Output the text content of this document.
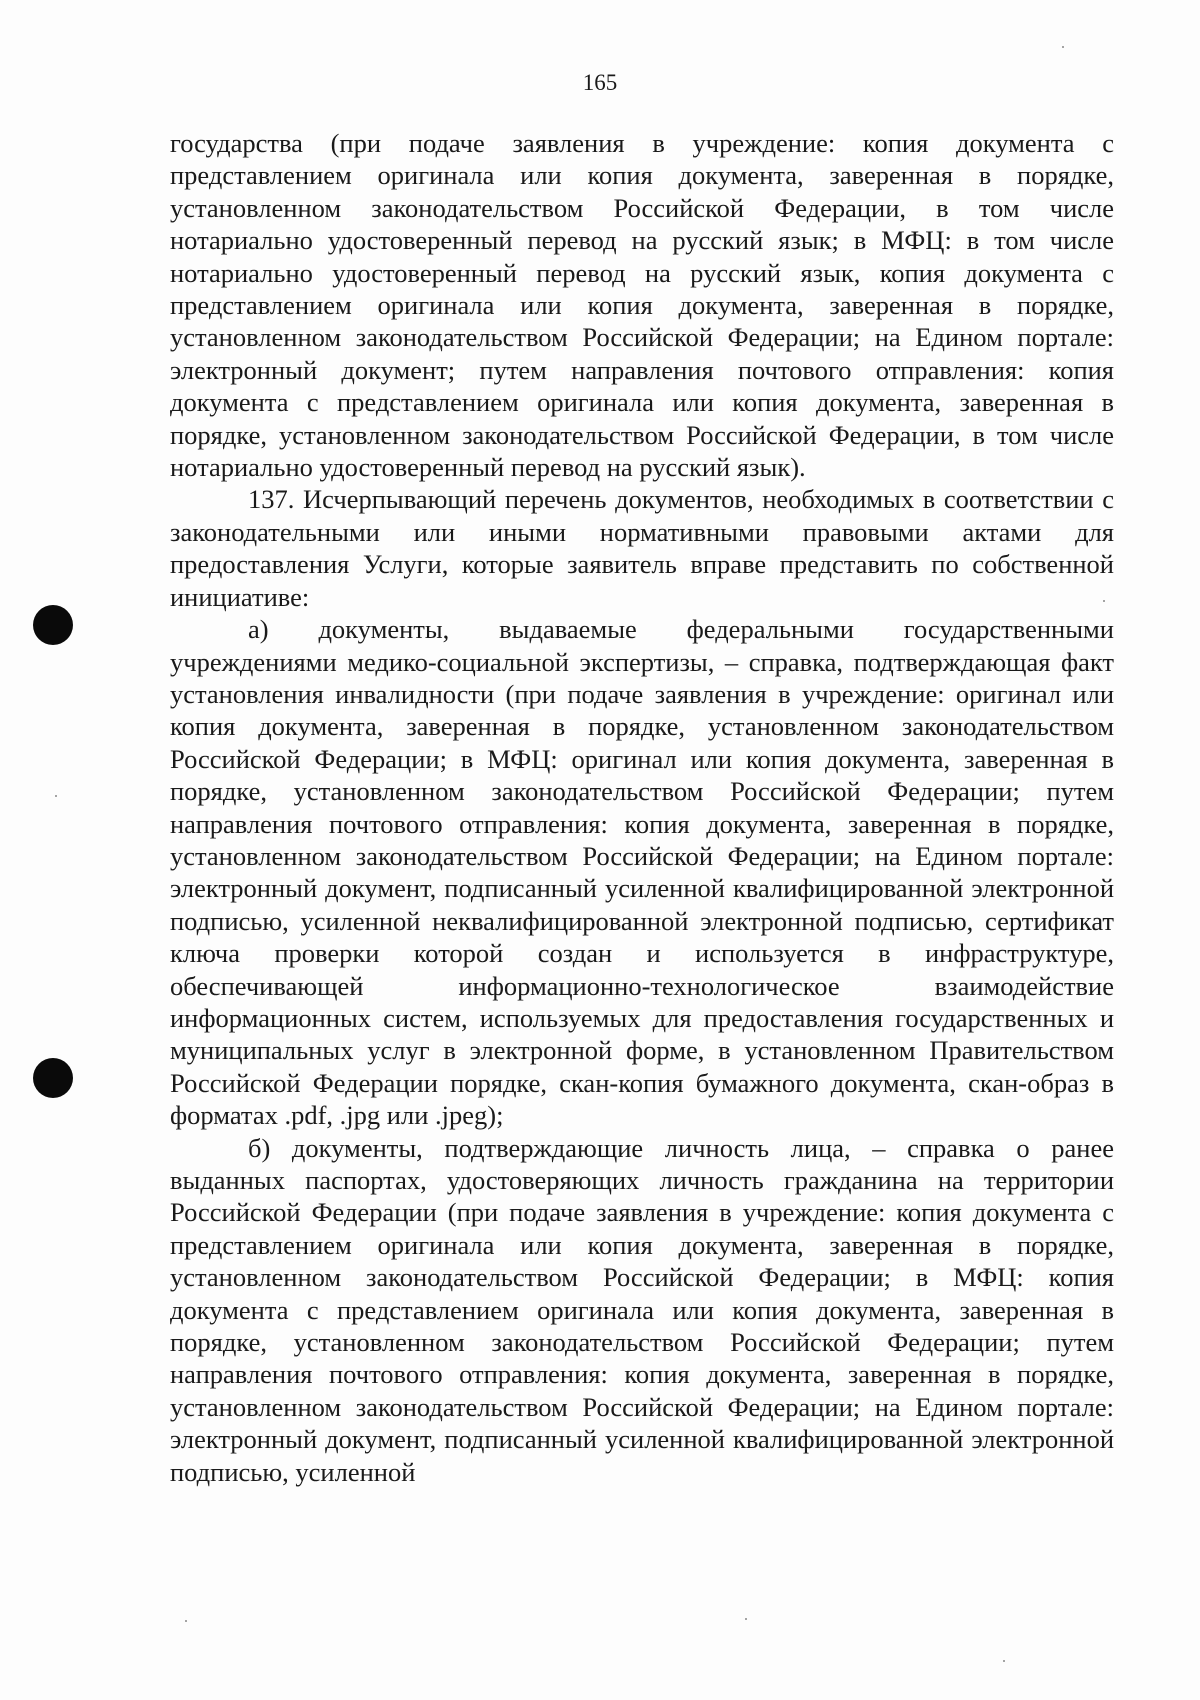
165

государства (при подаче заявления в учреждение: копия документа с представлением оригинала или копия документа, заверенная в порядке, установленном законодательством Российской Федерации, в том числе нотариально удостоверенный перевод на русский язык; в МФЦ: в том числе нотариально удостоверенный перевод на русский язык, копия документа с представлением оригинала или копия документа, заверенная в порядке, установленном законодательством Российской Федерации; на Едином портале: электронный документ; путем направления почтового отправления: копия документа с представлением оригинала или копия документа, заверенная в порядке, установленном законодательством Российской Федерации, в том числе нотариально удостоверенный перевод на русский язык).

137. Исчерпывающий перечень документов, необходимых в соответствии с законодательными или иными нормативными правовыми актами для предоставления Услуги, которые заявитель вправе представить по собственной инициативе:

а) документы, выдаваемые федеральными государственными учреждениями медико-социальной экспертизы, – справка, подтверждающая факт установления инвалидности (при подаче заявления в учреждение: оригинал или копия документа, заверенная в порядке, установленном законодательством Российской Федерации; в МФЦ: оригинал или копия документа, заверенная в порядке, установленном законодательством Российской Федерации; путем направления почтового отправления: копия документа, заверенная в порядке, установленном законодательством Российской Федерации; на Едином портале: электронный документ, подписанный усиленной квалифицированной электронной подписью, усиленной неквалифицированной электронной подписью, сертификат ключа проверки которой создан и используется в инфраструктуре, обеспечивающей информационно-технологическое взаимодействие информационных систем, используемых для предоставления государственных и муниципальных услуг в электронной форме, в установленном Правительством Российской Федерации порядке, скан-копия бумажного документа, скан-образ в форматах .pdf, .jpg или .jpeg);

б) документы, подтверждающие личность лица, – справка о ранее выданных паспортах, удостоверяющих личность гражданина на территории Российской Федерации (при подаче заявления в учреждение: копия документа с представлением оригинала или копия документа, заверенная в порядке, установленном законодательством Российской Федерации; в МФЦ: копия документа с представлением оригинала или копия документа, заверенная в порядке, установленном законодательством Российской Федерации; путем направления почтового отправления: копия документа, заверенная в порядке, установленном законодательством Российской Федерации; на Едином портале: электронный документ, подписанный усиленной квалифицированной электронной подписью, усиленной
